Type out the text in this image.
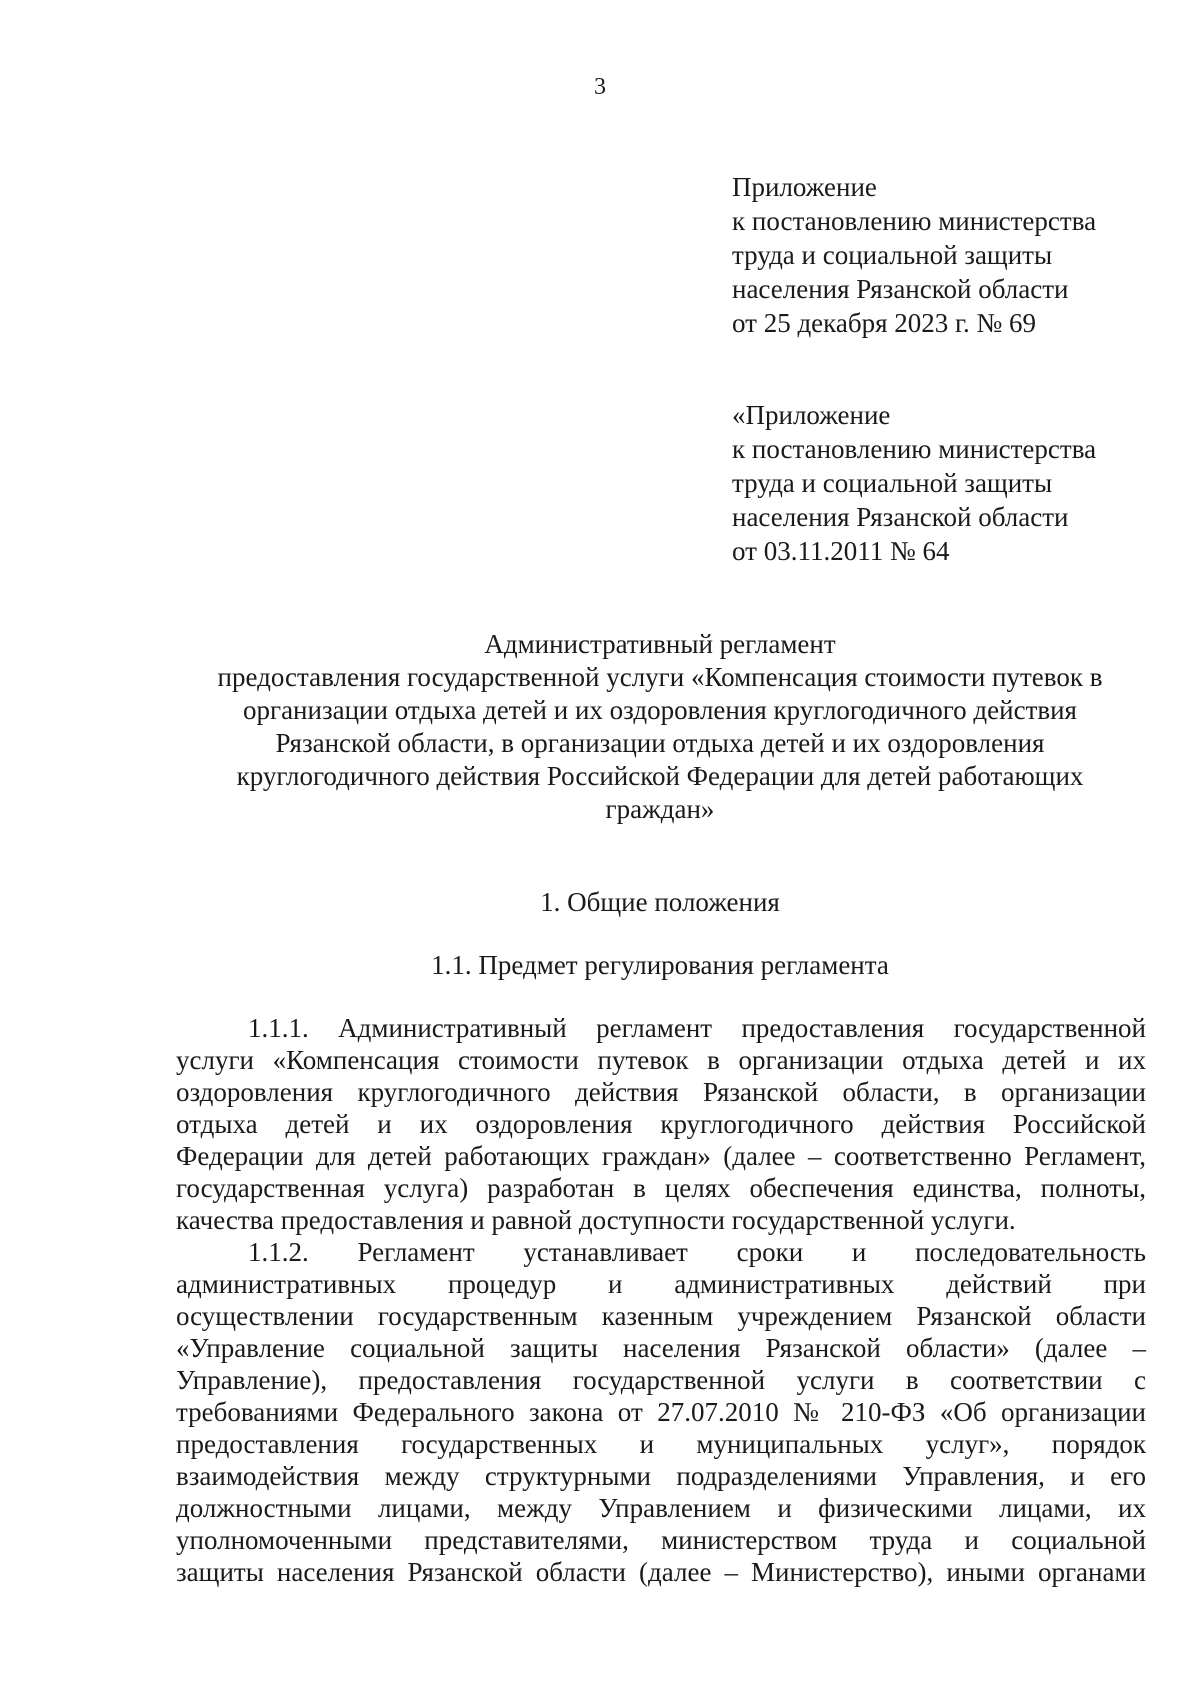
3
Приложение
к постановлению министерства
труда и социальной защиты
населения Рязанской области
от 25 декабря 2023 г. № 69
«Приложение
к постановлению министерства
труда и социальной защиты
населения Рязанской области
от 03.11.2011 № 64
Административный регламент
предоставления государственной услуги «Компенсация стоимости путевок в
организации отдыха детей и их оздоровления круглогодичного действия
Рязанской области, в организации отдыха детей и их оздоровления
круглогодичного действия Российской Федерации для детей работающих
граждан»
1. Общие положения
1.1. Предмет регулирования регламента
1.1.1. Административный регламент предоставления государственной
услуги «Компенсация стоимости путевок в организации отдыха детей и их
оздоровления круглогодичного действия Рязанской области, в организации
отдыха детей и их оздоровления круглогодичного действия Российской
Федерации для детей работающих граждан» (далее – соответственно Регламент,
государственная услуга) разработан в целях обеспечения единства, полноты,
качества предоставления и равной доступности государственной услуги.
1.1.2. Регламент устанавливает сроки и последовательность
административных процедур и административных действий при
осуществлении государственным казенным учреждением Рязанской области
«Управление социальной защиты населения Рязанской области» (далее –
Управление), предоставления государственной услуги в соответствии с
требованиями Федерального закона от 27.07.2010 № 210-ФЗ «Об организации
предоставления государственных и муниципальных услуг», порядок
взаимодействия между структурными подразделениями Управления, и его
должностными лицами, между Управлением и физическими лицами, их
уполномоченными представителями, министерством труда и социальной
защиты населения Рязанской области (далее – Министерство), иными органами
